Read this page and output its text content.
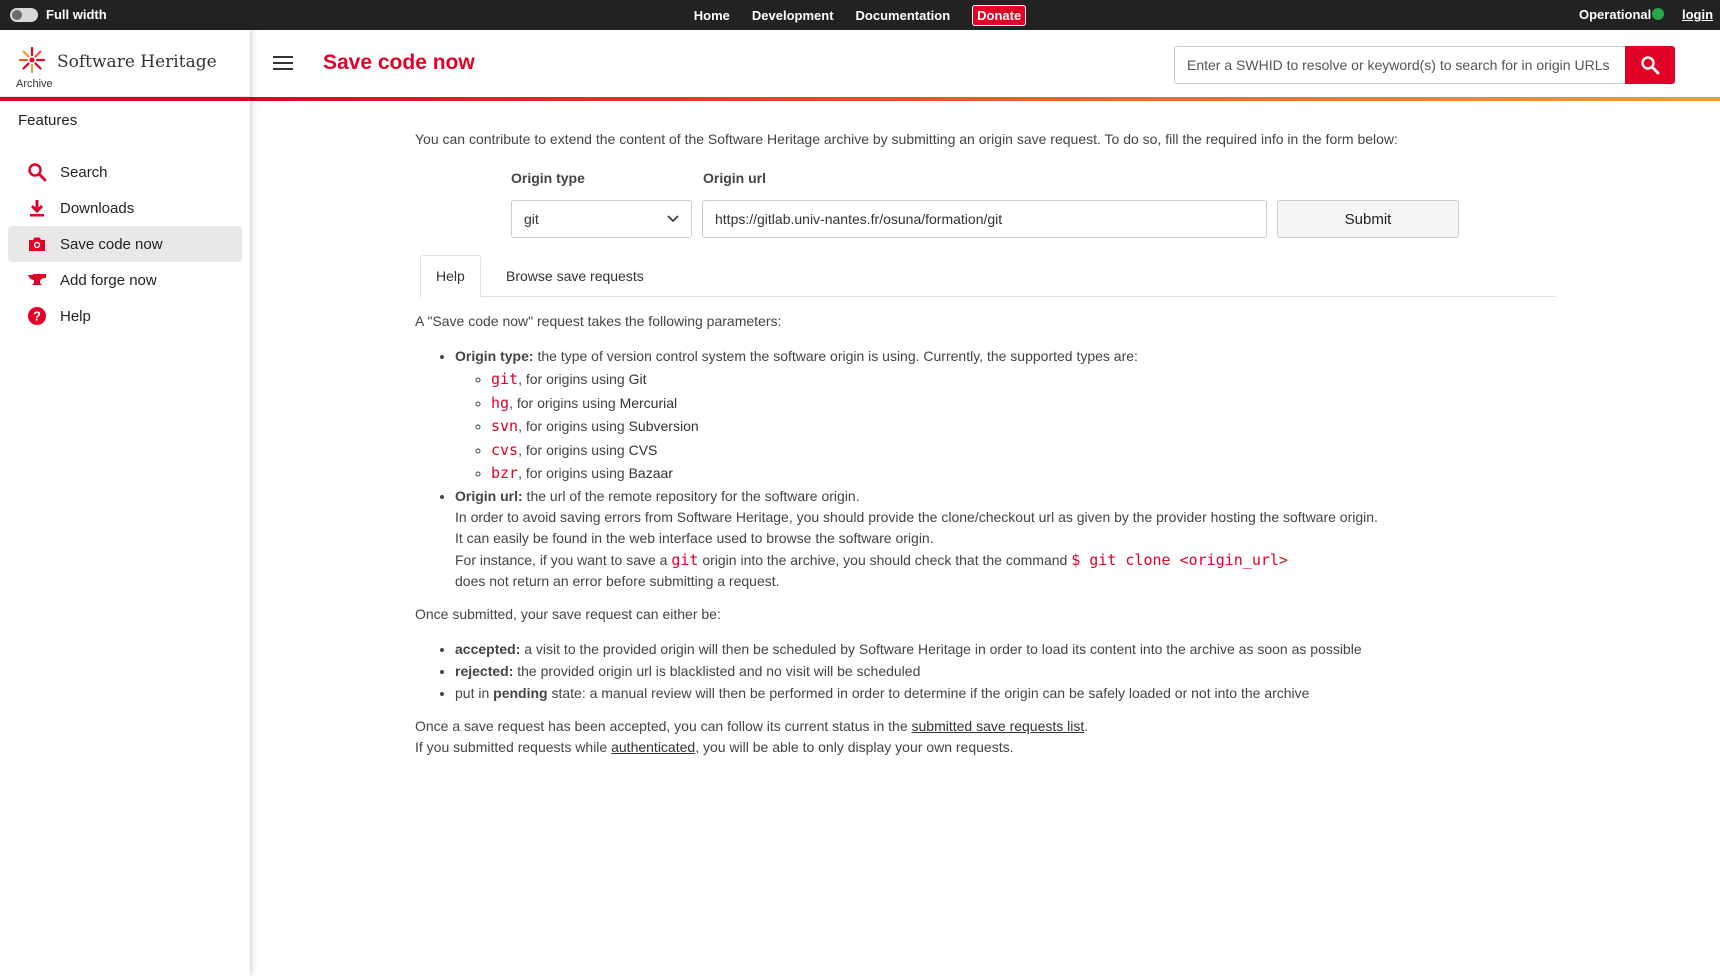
Full width	Home Development Documentation	Donate	Operational login
Software Heritage
Archive
Features
Search
Downloads
Save code now
Add forge now
? Help
Save code now
Enter a SWHID to resolve or keyword(s) to search for in origin URLs

You can contribute to extend the content of the Software Heritage archive by submitting an origin save request. To do so, fill the required info in the form below:

Origin type	Origin url
git
https://gitlab.univ-nantes.fr/osuna/formation/git	Submit
Help	Browse save requests

A "Save code now" request takes the following parameters:

• Origin type: the type of version control system the software origin is using. Currently, the supported types are:
◦ git, for origins using Git
◦ hg, for origins using Mercurial
◦ svn, for origins using Subversion
◦ cvs, for origins using CVS
◦ bzr, for origins using Bazaar
• Origin url: the url of the remote repository for the software origin.
In order to avoid saving errors from Software Heritage, you should provide the clone/checkout url as given by the provider hosting the software origin.
It can easily be found in the web interface used to browse the software origin.
For instance, if you want to save a git origin into the archive, you should check that the command $ git clone <origin_url>
does not return an error before submitting a request.

Once submitted, your save request can either be:

• accepted: a visit to the provided origin will then be scheduled by Software Heritage in order to load its content into the archive as soon as possible
• rejected: the provided origin url is blacklisted and no visit will be scheduled
• put in pending state: a manual review will then be performed in order to determine if the origin can be safely loaded or not into the archive

Once a save request has been accepted, you can follow its current status in the submitted save requests list.
If you submitted requests while authenticated, you will be able to only display your own requests.
